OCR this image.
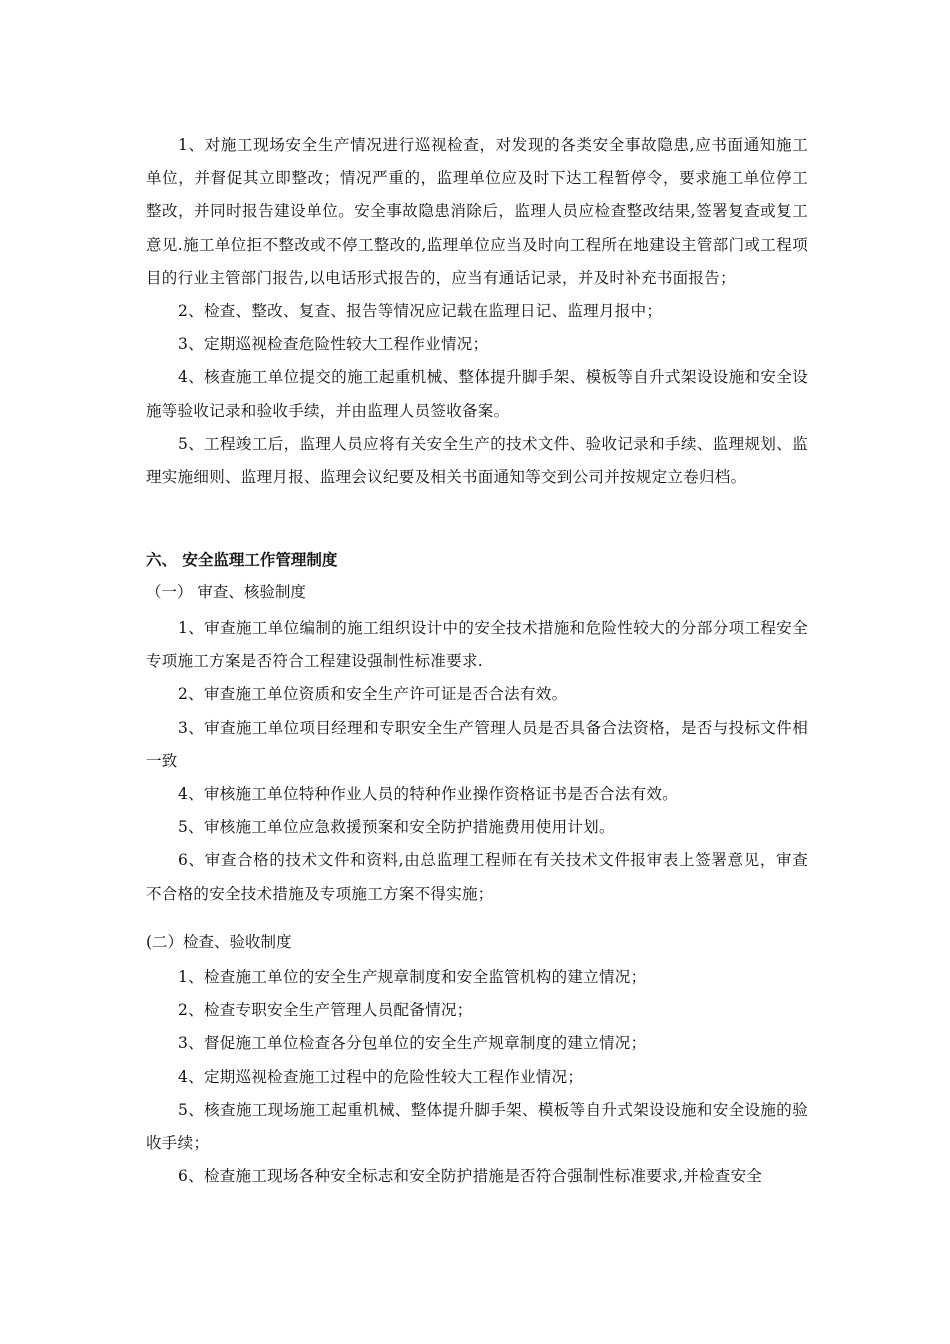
1、对施工现场安全生产情况进行巡视检查，对发现的各类安全事故隐患,应书面通知施工单位，并督促其立即整改；情况严重的，监理单位应及时下达工程暂停令，要求施工单位停工整改，并同时报告建设单位。安全事故隐患消除后，监理人员应检查整改结果,签署复查或复工意见.施工单位拒不整改或不停工整改的,监理单位应当及时向工程所在地建设主管部门或工程项目的行业主管部门报告,以电话形式报告的，应当有通话记录，并及时补充书面报告；

2、检查、整改、复查、报告等情况应记载在监理日记、监理月报中；

3、定期巡视检查危险性较大工程作业情况；

4、核查施工单位提交的施工起重机械、整体提升脚手架、模板等自升式架设设施和安全设施等验收记录和验收手续，并由监理人员签收备案。

5、工程竣工后，监理人员应将有关安全生产的技术文件、验收记录和手续、监理规划、监理实施细则、监理月报、监理会议纪要及相关书面通知等交到公司并按规定立卷归档。

六、 安全监理工作管理制度
（一） 审查、核验制度

1、审查施工单位编制的施工组织设计中的安全技术措施和危险性较大的分部分项工程安全专项施工方案是否符合工程建设强制性标准要求.

2、审查施工单位资质和安全生产许可证是否合法有效。

3、审查施工单位项目经理和专职安全生产管理人员是否具备合法资格，是否与投标文件相一致

4、审核施工单位特种作业人员的特种作业操作资格证书是否合法有效。

5、审核施工单位应急救援预案和安全防护措施费用使用计划。

6、审查合格的技术文件和资料,由总监理工程师在有关技术文件报审表上签署意见，审查不合格的安全技术措施及专项施工方案不得实施；

(二）检查、验收制度

1、检查施工单位的安全生产规章制度和安全监管机构的建立情况；

2、检查专职安全生产管理人员配备情况；

3、督促施工单位检查各分包单位的安全生产规章制度的建立情况；

4、定期巡视检查施工过程中的危险性较大工程作业情况；

5、核查施工现场施工起重机械、整体提升脚手架、模板等自升式架设设施和安全设施的验收手续；

6、检查施工现场各种安全标志和安全防护措施是否符合强制性标准要求,并检查安全
